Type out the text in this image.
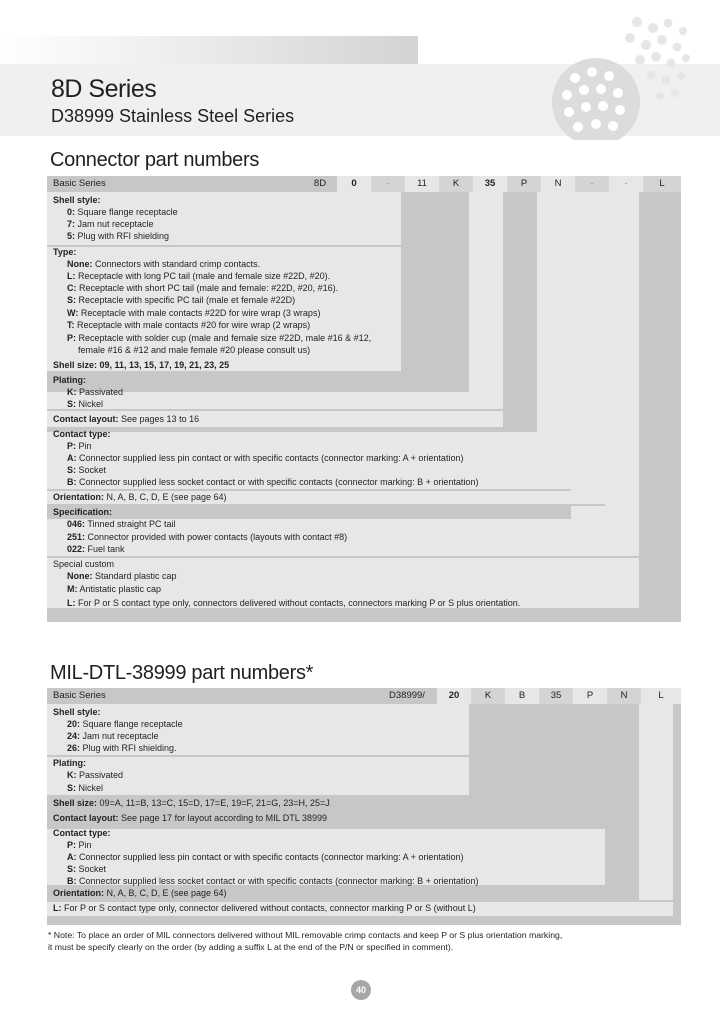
8D Series
D38999 Stainless Steel Series
Connector part numbers
Basic Series	8D	0	-	11	K	35	P	N	-	-	L
Shell style:
0: Square flange receptacle
7: Jam nut receptacle
5: Plug with RFI shielding
Type:
None: Connectors with standard crimp contacts.
L: Receptacle with long PC tail (male and female size #22D, #20).
C: Receptacle with short PC tail (male and female: #22D, #20, #16).
S: Receptacle with specific PC tail (male et female #22D)
W: Receptacle with male contacts #22D for wire wrap (3 wraps)
T: Receptacle with male contacts #20 for wire wrap (2 wraps)
P: Receptacle with solder cup (male and female size #22D, male #16 & #12,
female #16 & #12 and male female #20 please consult us)
Shell size: 09, 11, 13, 15, 17, 19, 21, 23, 25
Plating:
K: Passivated
S: Nickel
Contact layout: See pages 13 to 16
Contact type:
P: Pin
A: Connector supplied less pin contact or with specific contacts (connector marking: A + orientation)
S: Socket
B: Connector supplied less socket contact or with specific contacts (connector marking: B + orientation)
Orientation: N, A, B, C, D, E (see page 64)
Specification:
046: Tinned straight PC tail
251: Connector provided with power contacts (layouts with contact #8)
022: Fuel tank
Special custom
None: Standard plastic cap
M: Antistatic plastic cap
L: For P or S contact type only, connectors delivered without contacts, connectors marking P or S plus orientation.
MIL-DTL-38999 part numbers*
Basic Series	D38999/	20	K	B	35	P	N	L
Shell style:
20: Square flange receptacle
24: Jam nut receptacle
26: Plug with RFI shielding.
Plating:
K: Passivated
S: Nickel
Shell size: 09=A, 11=B, 13=C, 15=D, 17=E, 19=F, 21=G, 23=H, 25=J
Contact layout: See page 17 for layout according to MIL DTL 38999
Contact type:
P: Pin
A: Connector supplied less pin contact or with specific contacts (connector marking: A + orientation)
S: Socket
B: Connector supplied less socket contact or with specific contacts (connector marking: B + orientation)
Orientation: N, A, B, C, D, E (see page 64)
L: For P or S contact type only, connector delivered without contacts, connector marking P or S (without L)
* Note: To place an order of MIL connectors delivered without MIL removable crimp contacts and keep P or S plus orientation marking,
it must be specify clearly on the order (by adding a suffix L at the end of the P/N or specified in comment).
40
